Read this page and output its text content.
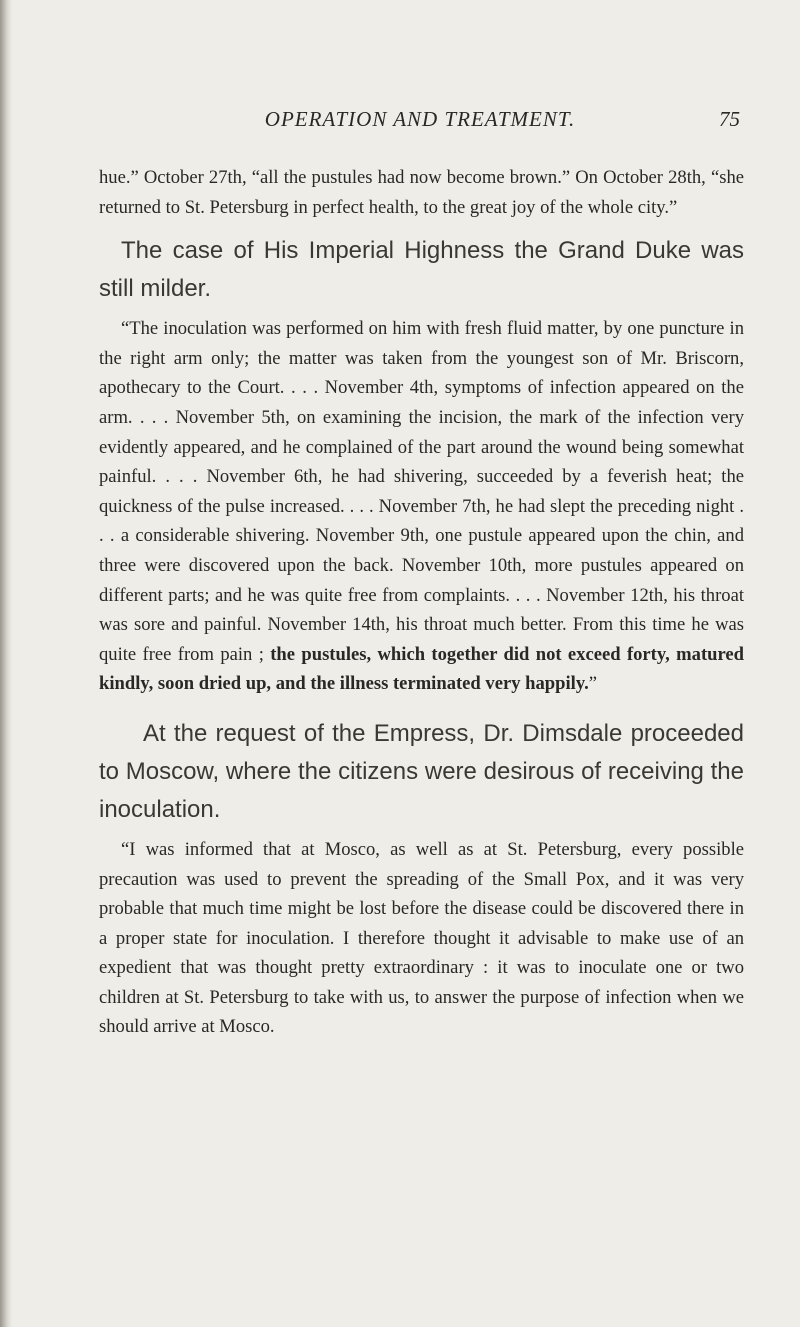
OPERATION AND TREATMENT.	75

hue.” October 27th, “all the pustules had now become brown.” On October 28th, “she returned to St. Petersburg in perfect health, to the great joy of the whole city.”

The case of His Imperial Highness the Grand Duke was still milder.

“The inoculation was performed on him with fresh fluid matter, by one puncture in the right arm only; the matter was taken from the youngest son of Mr. Briscorn, apothecary to the Court. . . . November 4th, symptoms of infection appeared on the arm. . . . November 5th, on examining the incision, the mark of the infection very evidently appeared, and he complained of the part around the wound being somewhat painful. . . . November 6th, he had shivering, succeeded by a feverish heat; the quickness of the pulse increased. . . . November 7th, he had slept the preceding night . . . a considerable shivering. November 9th, one pustule appeared upon the chin, and three were discovered upon the back. November 10th, more pustules appeared on different parts; and he was quite free from complaints. . . . November 12th, his throat was sore and painful. November 14th, his throat much better. From this time he was quite free from pain ; the pustules, which together did not exceed forty, matured kindly, soon dried up, and the illness terminated very happily.”

At the request of the Empress, Dr. Dimsdale proceeded to Moscow, where the citizens were desirous of receiving the inoculation.

“I was informed that at Mosco, as well as at St. Petersburg, every possible precaution was used to prevent the spreading of the Small Pox, and it was very probable that much time might be lost before the disease could be discovered there in a proper state for inoculation. I therefore thought it advisable to make use of an expedient that was thought pretty extraordinary : it was to inoculate one or two children at St. Petersburg to take with us, to answer the purpose of infection when we should arrive at Mosco.
